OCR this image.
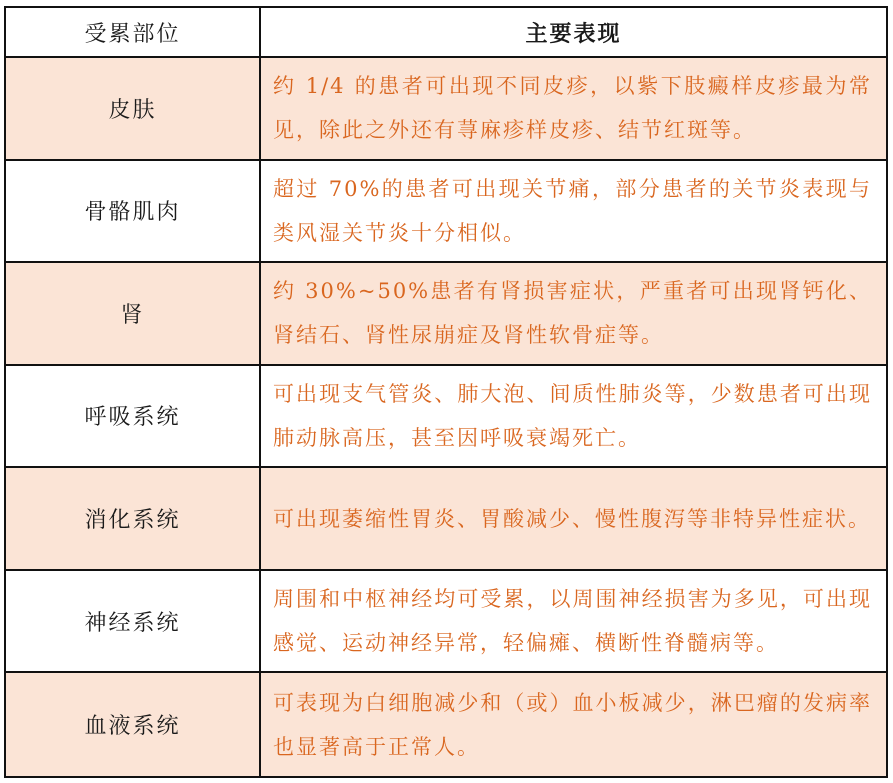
受累部位	主要表现
皮肤
约 1/4 的患者可出现不同皮疹，以紫下肢癜样皮疹最为常见，除此之外还有荨麻疹样皮疹、结节红斑等。
骨骼肌肉
超过 70%的患者可出现关节痛，部分患者的关节炎表现与类风湿关节炎十分相似。
肾
约 30%~50%患者有肾损害症状，严重者可出现肾钙化、肾结石、肾性尿崩症及肾性软骨症等。
呼吸系统
可出现支气管炎、肺大泡、间质性肺炎等，少数患者可出现肺动脉高压，甚至因呼吸衰竭死亡。
消化系统	可出现萎缩性胃炎、胃酸减少、慢性腹泻等非特异性症状。
神经系统
周围和中枢神经均可受累，以周围神经损害为多见，可出现感觉、运动神经异常，轻偏瘫、横断性脊髓病等。
血液系统
可表现为白细胞减少和（或）血小板减少，淋巴瘤的发病率也显著高于正常人。
